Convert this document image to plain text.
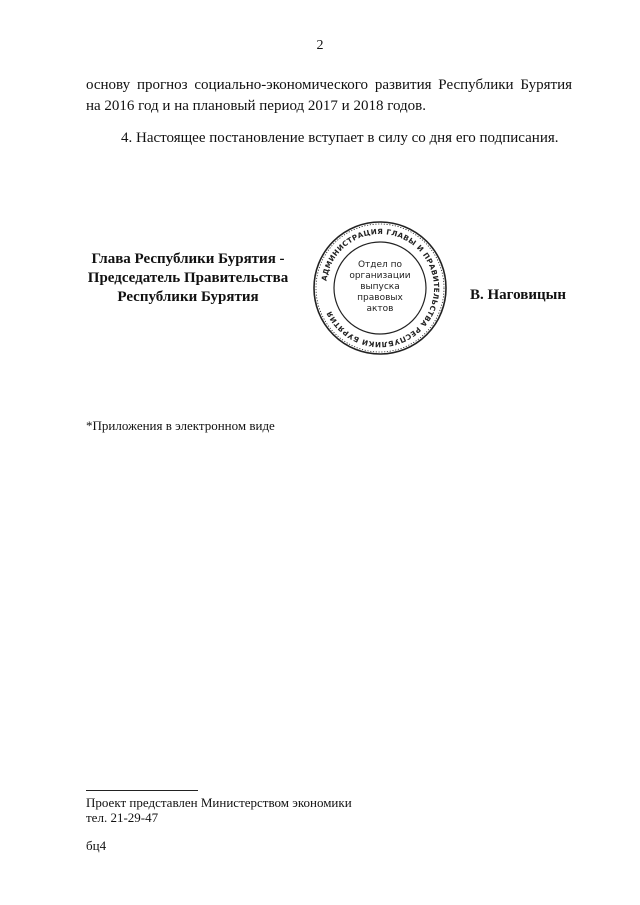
2
основу прогноз социально-экономического развития Республики Бурятия
на 2016 год и на плановый период 2017 и 2018 годов.
4. Настоящее постановление вступает в силу со дня его подписания.
Глава Республики Бурятия -
Председатель Правительства
Республики Бурятия
АДМИНИСТРАЦИЯ ГЛАВЫ И ПРАВИТЕЛЬСТВА РЕСПУБЛИКИ БУРЯТИЯ
Отдел по
организации
выпуска
правовых
актов
В. Наговицын
*Приложения в электронном виде
Проект представлен Министерством экономики
тел. 21-29-47
бц4
